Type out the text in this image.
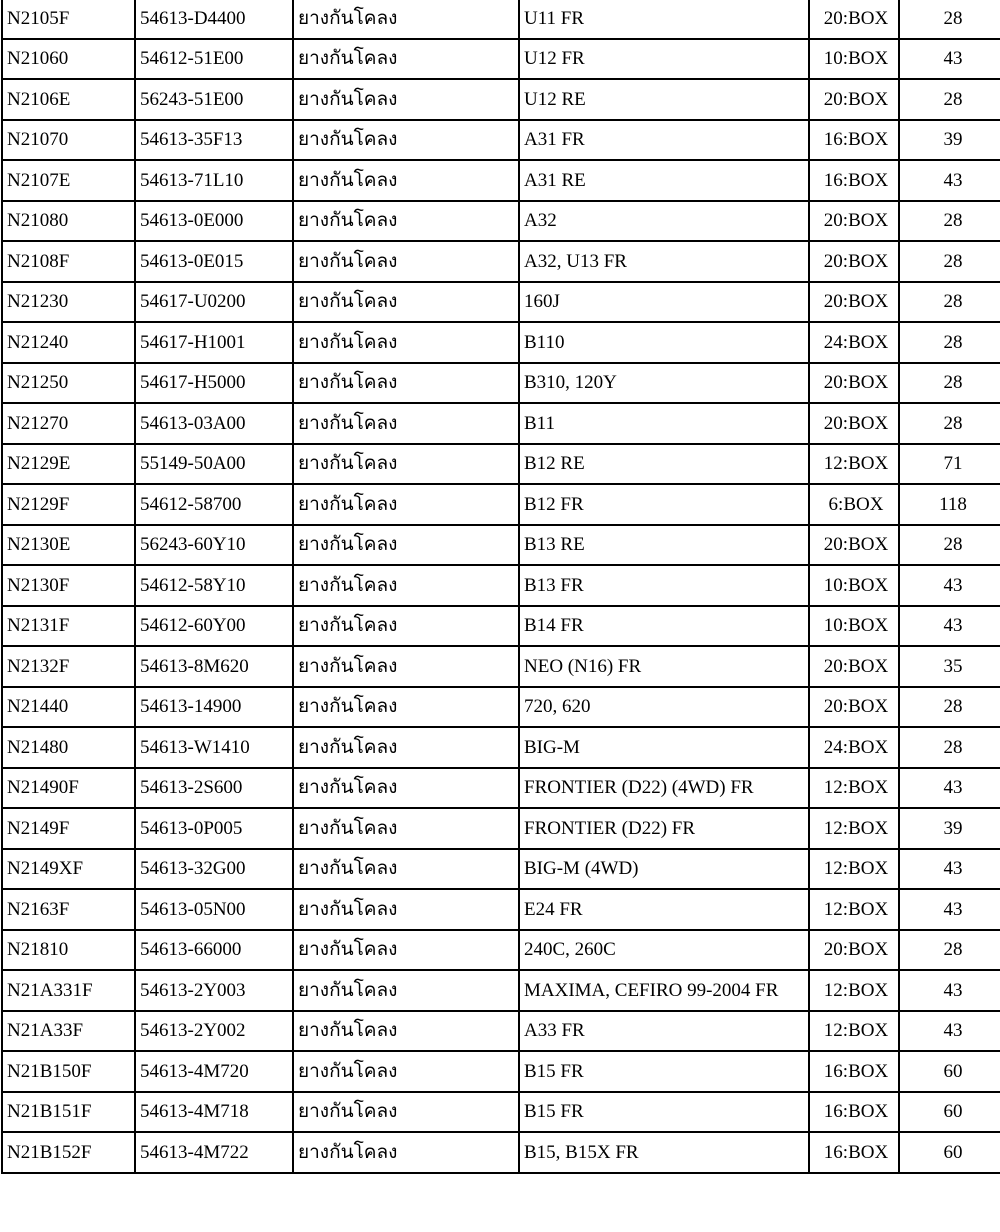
N2105F	54613-D4400	ยางกันโคลง	U11 FR	20:BOX	28
N21060	54612-51E00	ยางกันโคลง	U12 FR	10:BOX	43
N2106E	56243-51E00	ยางกันโคลง	U12 RE	20:BOX	28
N21070	54613-35F13	ยางกันโคลง	A31 FR	16:BOX	39
N2107E	54613-71L10	ยางกันโคลง	A31 RE	16:BOX	43
N21080	54613-0E000	ยางกันโคลง	A32	20:BOX	28
N2108F	54613-0E015	ยางกันโคลง	A32, U13 FR	20:BOX	28
N21230	54617-U0200	ยางกันโคลง	160J	20:BOX	28
N21240	54617-H1001	ยางกันโคลง	B110	24:BOX	28
N21250	54617-H5000	ยางกันโคลง	B310, 120Y	20:BOX	28
N21270	54613-03A00	ยางกันโคลง	B11	20:BOX	28
N2129E	55149-50A00	ยางกันโคลง	B12 RE	12:BOX	71
N2129F	54612-58700	ยางกันโคลง	B12 FR	6:BOX	118
N2130E	56243-60Y10	ยางกันโคลง	B13 RE	20:BOX	28
N2130F	54612-58Y10	ยางกันโคลง	B13 FR	10:BOX	43
N2131F	54612-60Y00	ยางกันโคลง	B14 FR	10:BOX	43
N2132F	54613-8M620	ยางกันโคลง	NEO (N16) FR	20:BOX	35
N21440	54613-14900	ยางกันโคลง	720, 620	20:BOX	28
N21480	54613-W1410	ยางกันโคลง	BIG-M	24:BOX	28
N21490F	54613-2S600	ยางกันโคลง	FRONTIER (D22) (4WD) FR	12:BOX	43
N2149F	54613-0P005	ยางกันโคลง	FRONTIER (D22) FR	12:BOX	39
N2149XF	54613-32G00	ยางกันโคลง	BIG-M (4WD)	12:BOX	43
N2163F	54613-05N00	ยางกันโคลง	E24 FR	12:BOX	43
N21810	54613-66000	ยางกันโคลง	240C, 260C	20:BOX	28
N21A331F	54613-2Y003	ยางกันโคลง	MAXIMA, CEFIRO 99-2004 FR	12:BOX	43
N21A33F	54613-2Y002	ยางกันโคลง	A33 FR	12:BOX	43
N21B150F	54613-4M720	ยางกันโคลง	B15 FR	16:BOX	60
N21B151F	54613-4M718	ยางกันโคลง	B15 FR	16:BOX	60
N21B152F	54613-4M722	ยางกันโคลง	B15, B15X FR	16:BOX	60
